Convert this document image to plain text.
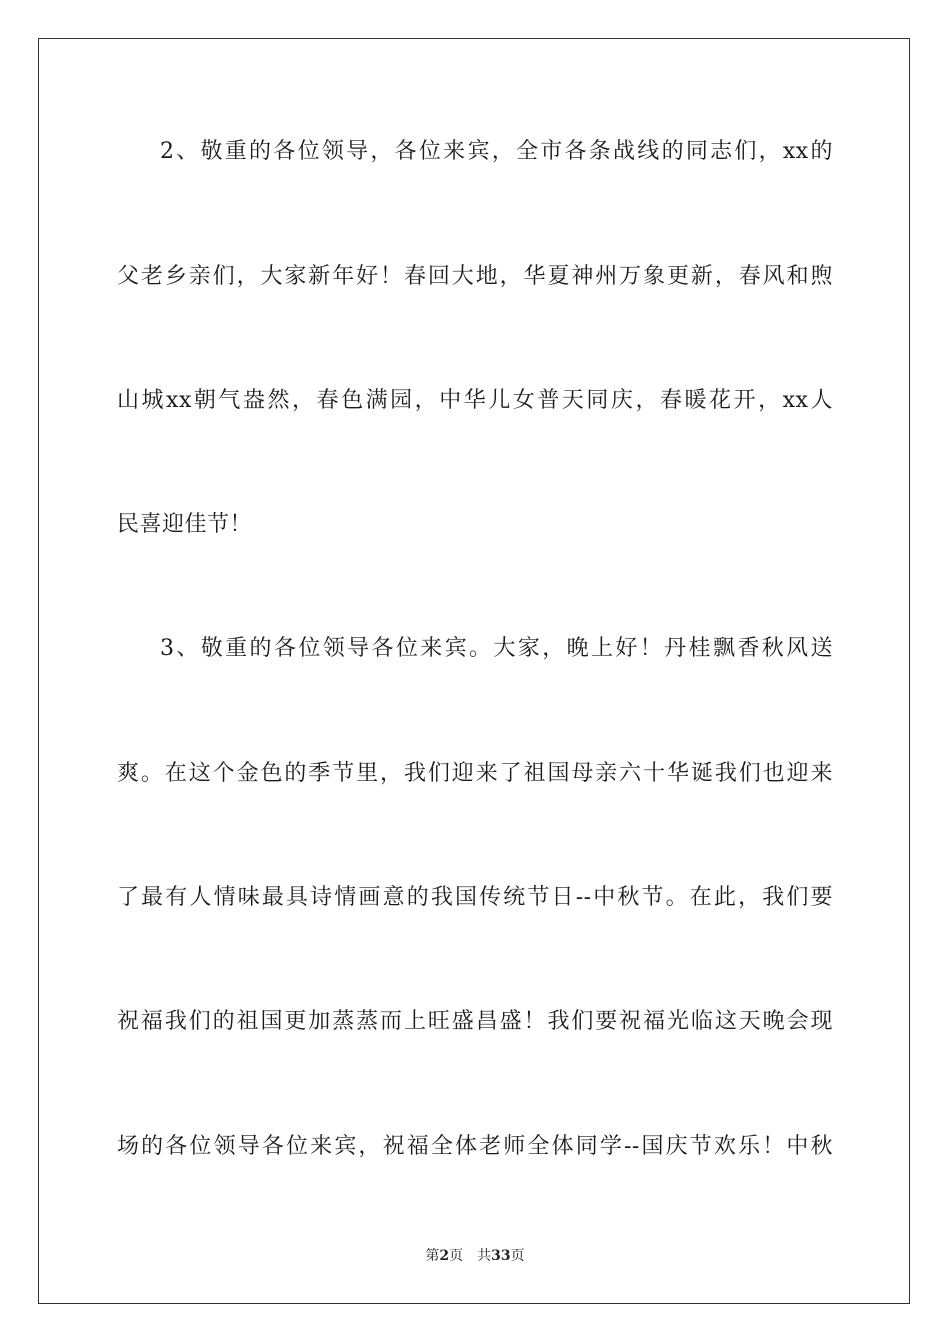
2、敬重的各位领导，各位来宾，全市各条战线的同志们，xx的
父老乡亲们，大家新年好！春回大地，华夏神州万象更新，春风和煦
山城xx朝气盎然，春色满园，中华儿女普天同庆，春暖花开，xx人
民喜迎佳节！
3、敬重的各位领导各位来宾。大家，晚上好！丹桂飘香秋风送
爽。在这个金色的季节里，我们迎来了祖国母亲六十华诞我们也迎来
了最有人情味最具诗情画意的我国传统节日--中秋节。在此，我们要
祝福我们的祖国更加蒸蒸而上旺盛昌盛！我们要祝福光临这天晚会现
场的各位领导各位来宾，祝福全体老师全体同学--国庆节欢乐！中秋
第2页 共33页
